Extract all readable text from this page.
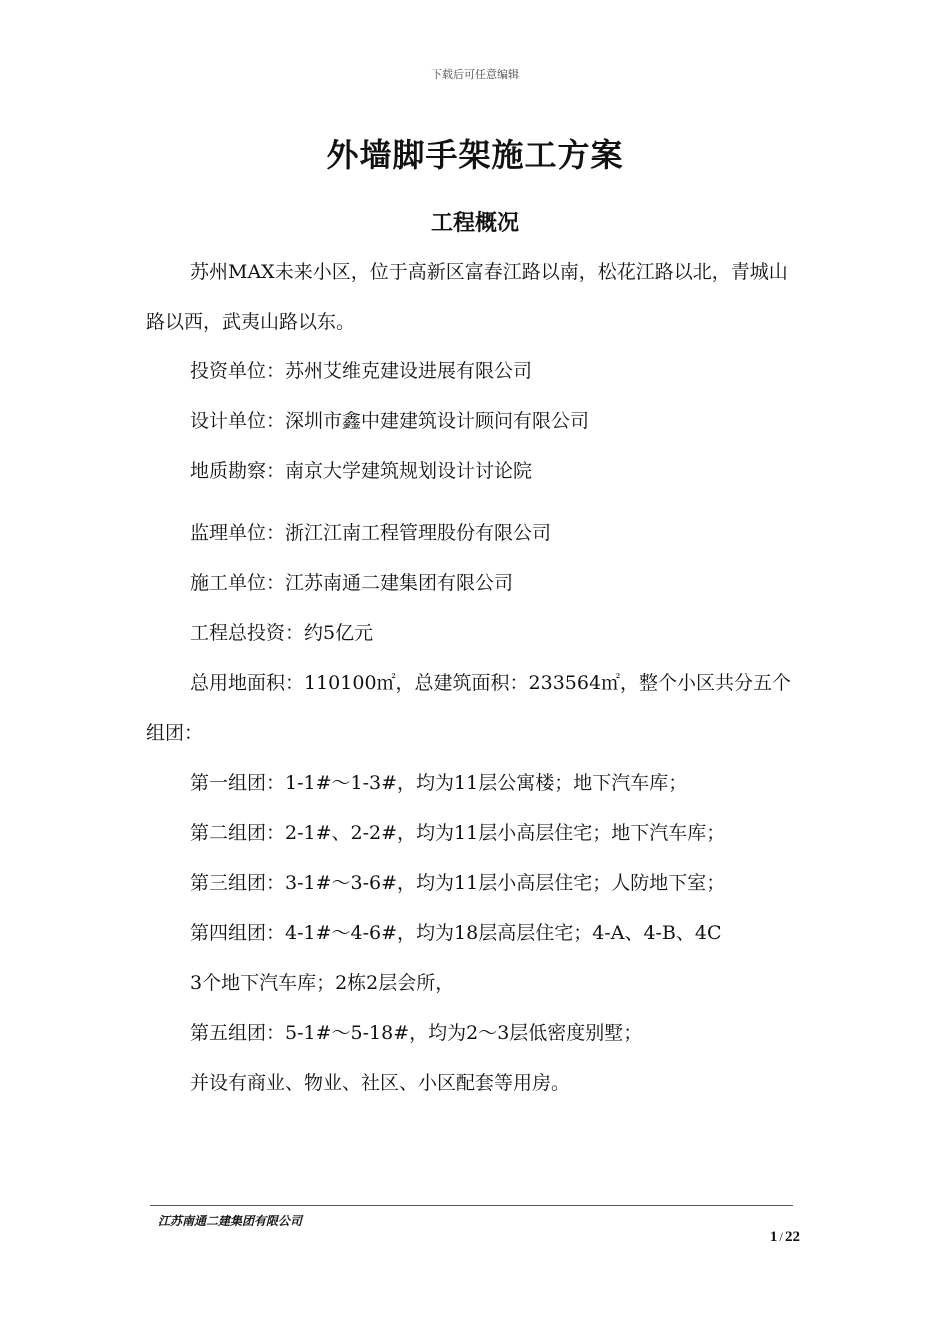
下载后可任意编辑
外墙脚手架施工方案
工程概况

苏州MAX未来小区，位于高新区富春江路以南，松花江路以北，青城山路以西，武夷山路以东。

投资单位：苏州艾维克建设进展有限公司

设计单位：深圳市鑫中建建筑设计顾问有限公司

地质勘察：南京大学建筑规划设计讨论院

监理单位：浙江江南工程管理股份有限公司

施工单位：江苏南通二建集团有限公司

工程总投资：约5亿元

总用地面积：110100㎡，总建筑面积：233564㎡，整个小区共分五个组团：

第一组团：1-1#～1-3#，均为11层公寓楼；地下汽车库；

第二组团：2-1#、2-2#，均为11层小高层住宅；地下汽车库；

第三组团：3-1#～3-6#，均为11层小高层住宅；人防地下室；

第四组团：4-1#～4-6#，均为18层高层住宅；4-A、4-B、4C

3个地下汽车库；2栋2层会所，

第五组团：5-1#～5-18#，均为2～3层低密度别墅；

并设有商业、物业、社区、小区配套等用房。

江苏南通二建集团有限公司
1 / 22
